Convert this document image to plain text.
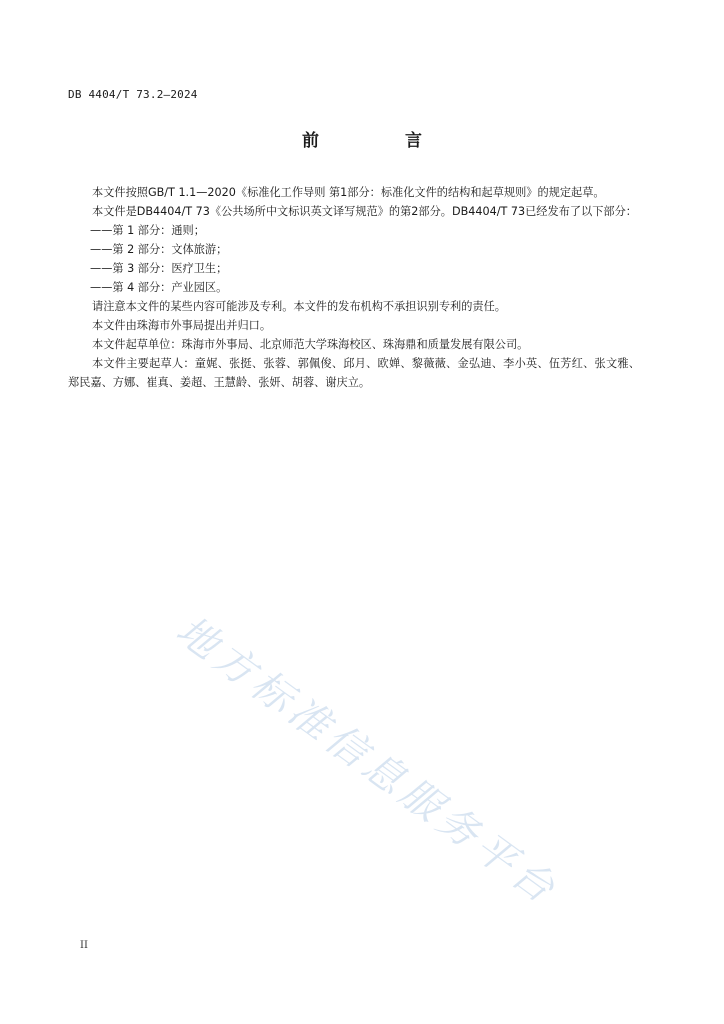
DB 4404/T 73.2—2024
前 言

本文件按照GB/T 1.1—2020《标准化工作导则 第1部分：标准化文件的结构和起草规则》的规定起草。

本文件是DB4404/T 73《公共场所中文标识英文译写规范》的第2部分。DB4404/T 73已经发布了以下部分：

——第 1 部分：通则；

——第 2 部分：文体旅游；

——第 3 部分：医疗卫生；

——第 4 部分：产业园区。

请注意本文件的某些内容可能涉及专利。本文件的发布机构不承担识别专利的责任。

本文件由珠海市外事局提出并归口。

本文件起草单位：珠海市外事局、北京师范大学珠海校区、珠海鼎和质量发展有限公司。

本文件主要起草人：童娓、张挺、张蓉、郭佩俊、邱月、欧婵、黎薇薇、金弘迪、李小英、伍芳红、张文雅、郑民嘉、方娜、崔真、姜超、王慧龄、张妍、胡蓉、谢庆立。

地方标准信息服务平台
II
